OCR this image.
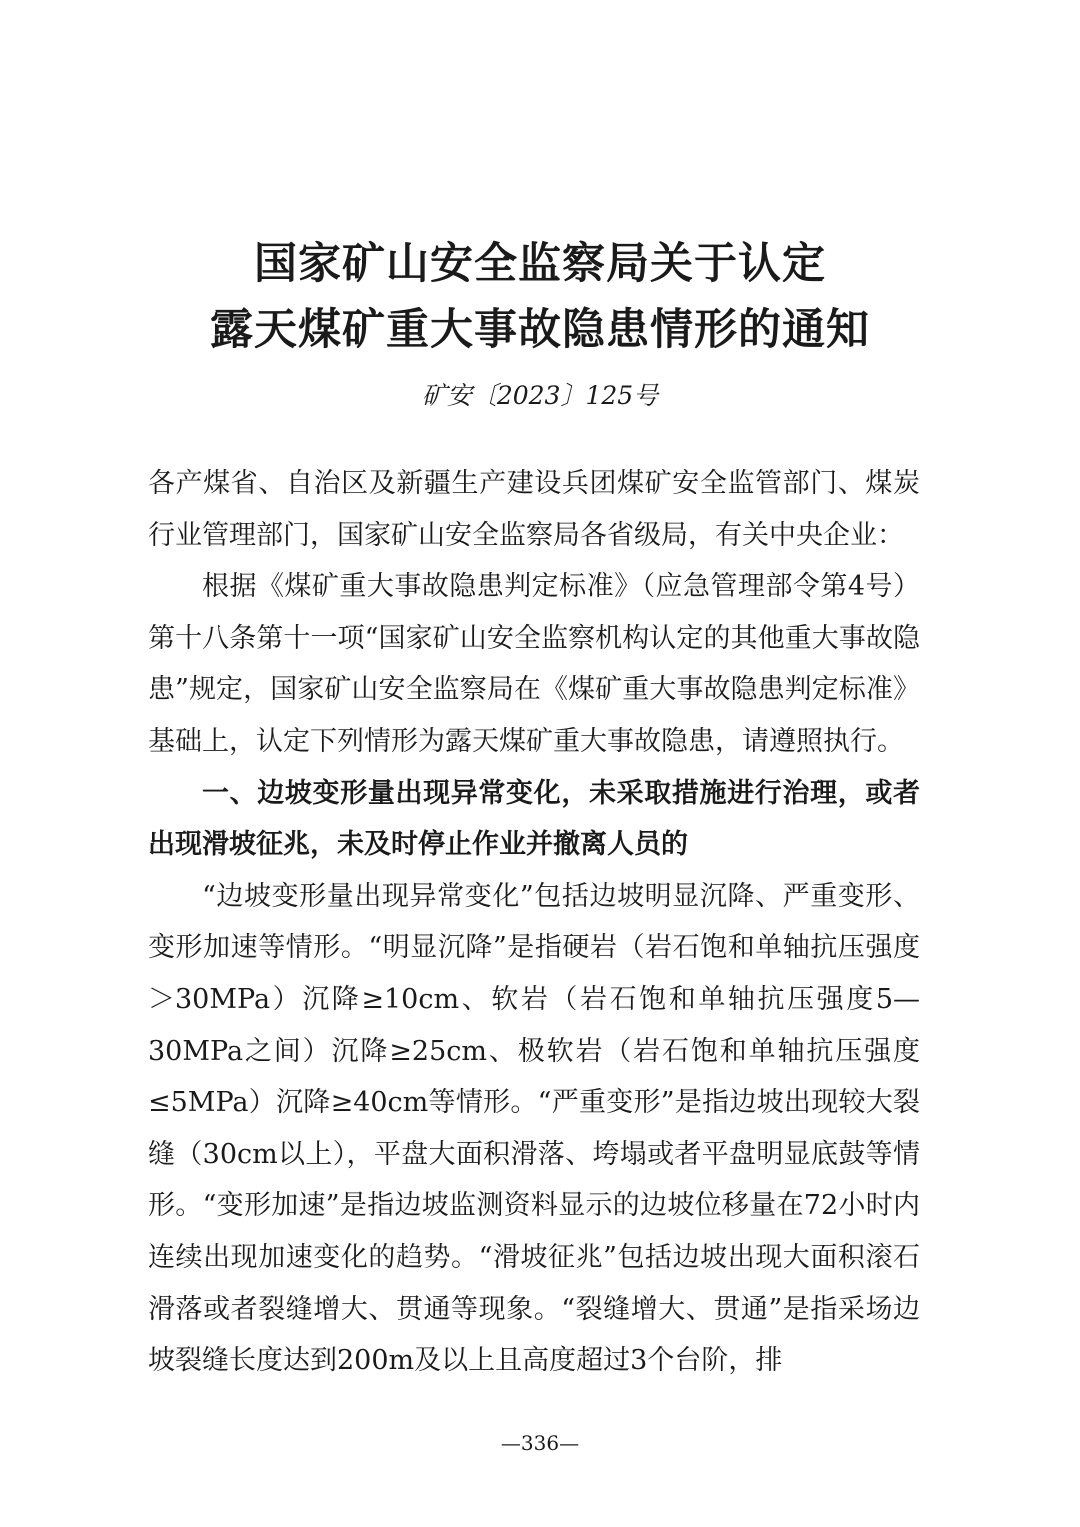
国家矿山安全监察局关于认定
露天煤矿重大事故隐患情形的通知
矿安〔2023〕125号

各产煤省、自治区及新疆生产建设兵团煤矿安全监管部门、煤炭行业管理部门，国家矿山安全监察局各省级局，有关中央企业：

根据《煤矿重大事故隐患判定标准》（应急管理部令第4号）第十八条第十一项“国家矿山安全监察机构认定的其他重大事故隐患”规定，国家矿山安全监察局在《煤矿重大事故隐患判定标准》基础上，认定下列情形为露天煤矿重大事故隐患，请遵照执行。

一、边坡变形量出现异常变化，未采取措施进行治理，或者出现滑坡征兆，未及时停止作业并撤离人员的

“边坡变形量出现异常变化”包括边坡明显沉降、严重变形、变形加速等情形。“明显沉降”是指硬岩（岩石饱和单轴抗压强度＞30MPa）沉降≥10cm、软岩（岩石饱和单轴抗压强度5—30MPa之间）沉降≥25cm、极软岩（岩石饱和单轴抗压强度≤5MPa）沉降≥40cm等情形。“严重变形”是指边坡出现较大裂缝（30cm以上），平盘大面积滑落、垮塌或者平盘明显底鼓等情形。“变形加速”是指边坡监测资料显示的边坡位移量在72小时内连续出现加速变化的趋势。“滑坡征兆”包括边坡出现大面积滚石滑落或者裂缝增大、贯通等现象。“裂缝增大、贯通”是指采场边坡裂缝长度达到200m及以上且高度超过3个台阶，排

—336—
